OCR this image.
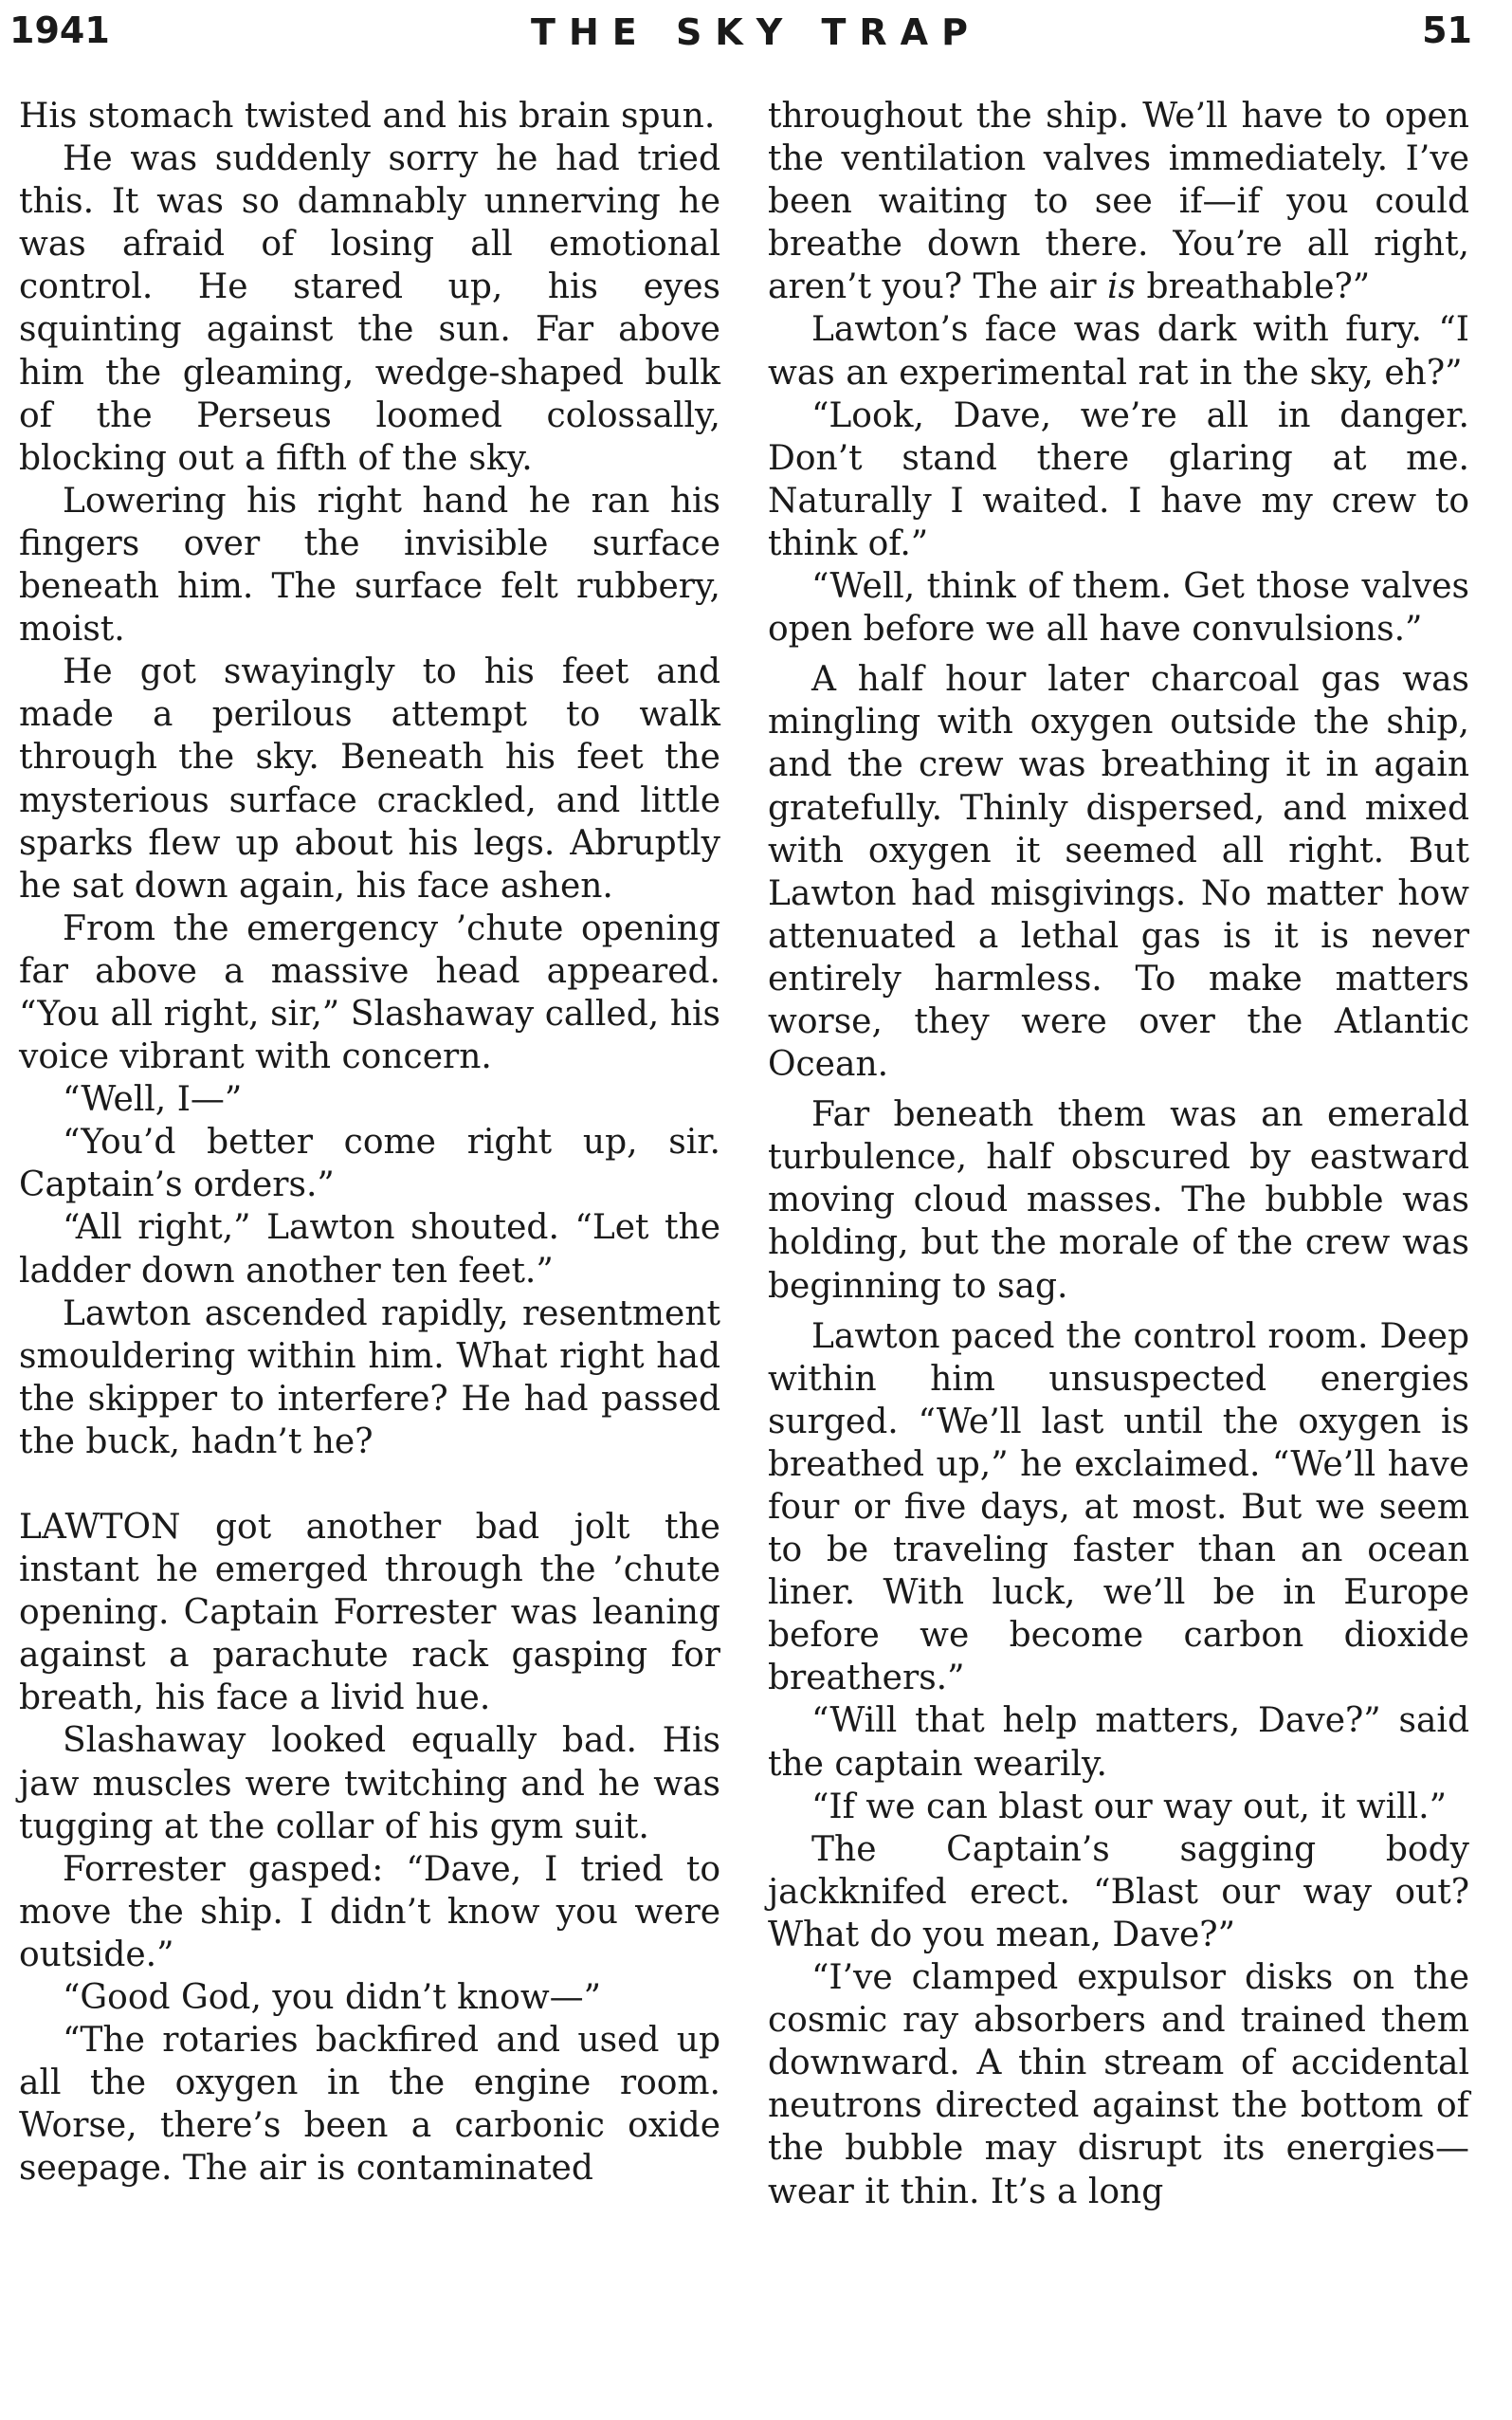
1941	THE SKY TRAP	51

His stomach twisted and his brain spun.

He was suddenly sorry he had tried this. It was so damnably unnerving he was afraid of losing all emotional control. He stared up, his eyes squinting against the sun. Far above him the gleaming, wedge-shaped bulk of the Perseus loomed colossally, blocking out a fifth of the sky.

Lowering his right hand he ran his fingers over the invisible surface beneath him. The surface felt rubbery, moist.

He got swayingly to his feet and made a perilous attempt to walk through the sky. Beneath his feet the mysterious surface crackled, and little sparks flew up about his legs. Abruptly he sat down again, his face ashen.

From the emergency ’chute opening far above a massive head appeared. “You all right, sir,” Slashaway called, his voice vibrant with concern.

“Well, I—”

“You’d better come right up, sir. Captain’s orders.”

“All right,” Lawton shouted. “Let the ladder down another ten feet.”

Lawton ascended rapidly, resentment smouldering within him. What right had the skipper to interfere? He had passed the buck, hadn’t he?

LAWTON got another bad jolt the instant he emerged through the ’chute opening. Captain Forrester was leaning against a parachute rack gasping for breath, his face a livid hue.

Slashaway looked equally bad. His jaw muscles were twitching and he was tugging at the collar of his gym suit.

Forrester gasped: “Dave, I tried to move the ship. I didn’t know you were outside.”

“Good God, you didn’t know—”

“The rotaries backfired and used up all the oxygen in the engine room. Worse, there’s been a carbonic oxide seepage. The air is contaminated

throughout the ship. We’ll have to open the ventilation valves immediately. I’ve been waiting to see if—if you could breathe down there. You’re all right, aren’t you? The air is breathable?”

Lawton’s face was dark with fury. “I was an experimental rat in the sky, eh?”

“Look, Dave, we’re all in danger. Don’t stand there glaring at me. Naturally I waited. I have my crew to think of.”

“Well, think of them. Get those valves open before we all have convulsions.”

A half hour later charcoal gas was mingling with oxygen outside the ship, and the crew was breathing it in again gratefully. Thinly dispersed, and mixed with oxygen it seemed all right. But Lawton had misgivings. No matter how attenuated a lethal gas is it is never entirely harmless. To make matters worse, they were over the Atlantic Ocean.

Far beneath them was an emerald turbulence, half obscured by eastward moving cloud masses. The bubble was holding, but the morale of the crew was beginning to sag.

Lawton paced the control room. Deep within him unsuspected energies surged. “We’ll last until the oxygen is breathed up,” he exclaimed. “We’ll have four or five days, at most. But we seem to be traveling faster than an ocean liner. With luck, we’ll be in Europe before we become carbon dioxide breathers.”

“Will that help matters, Dave?” said the captain wearily.

“If we can blast our way out, it will.”

The Captain’s sagging body jackknifed erect. “Blast our way out? What do you mean, Dave?”

“I’ve clamped expulsor disks on the cosmic ray absorbers and trained them downward. A thin stream of accidental neutrons directed against the bottom of the bubble may disrupt its energies—wear it thin. It’s a long
